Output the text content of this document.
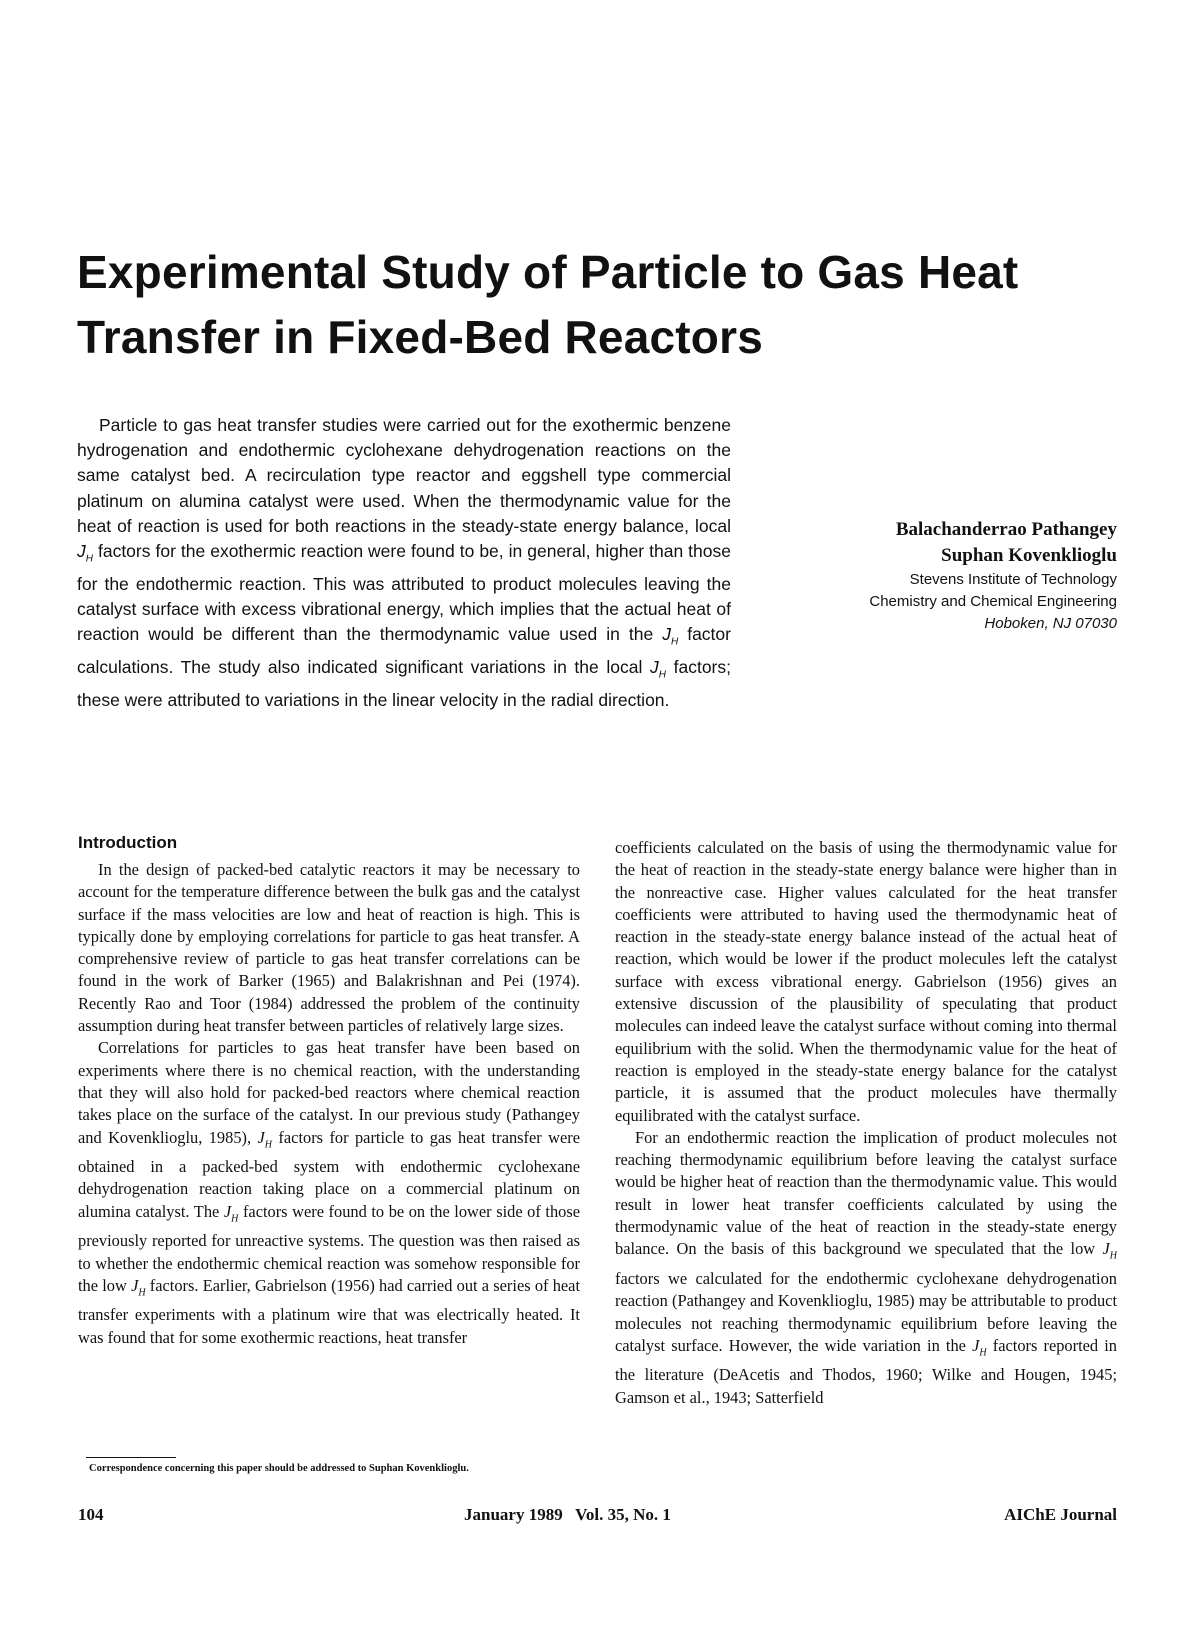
Experimental Study of Particle to Gas Heat
Transfer in Fixed-Bed Reactors

Particle to gas heat transfer studies were carried out for the exothermic benzene hydrogenation and endothermic cyclohexane dehydrogenation reactions on the same catalyst bed. A recirculation type reactor and eggshell type commercial platinum on alumina catalyst were used. When the thermodynamic value for the heat of reaction is used for both reactions in the steady-state energy balance, local $J_H$ factors for the exothermic reaction were found to be, in general, higher than those for the endothermic reaction. This was attributed to product molecules leaving the catalyst surface with excess vibrational energy, which implies that the actual heat of reaction would be different than the thermodynamic value used in the $J_H$ factor calculations. The study also indicated significant variations in the local $J_H$ factors; these were attributed to variations in the linear velocity in the radial direction.

Balachanderrao Pathangey
Suphan Kovenklioglu
Stevens Institute of Technology
Chemistry and Chemical Engineering
Hoboken, NJ 07030
Introduction

In the design of packed-bed catalytic reactors it may be necessary to account for the temperature difference between the bulk gas and the catalyst surface if the mass velocities are low and heat of reaction is high. This is typically done by employing correlations for particle to gas heat transfer. A comprehensive review of particle to gas heat transfer correlations can be found in the work of Barker (1965) and Balakrishnan and Pei (1974). Recently Rao and Toor (1984) addressed the problem of the continuity assumption during heat transfer between particles of relatively large sizes.

Correlations for particles to gas heat transfer have been based on experiments where there is no chemical reaction, with the understanding that they will also hold for packed-bed reactors where chemical reaction takes place on the surface of the catalyst. In our previous study (Pathangey and Kovenklioglu, 1985), $J_H$ factors for particle to gas heat transfer were obtained in a packed-bed system with endothermic cyclohexane dehydrogenation reaction taking place on a commercial platinum on alumina catalyst. The $J_H$ factors were found to be on the lower side of those previously reported for unreactive systems. The question was then raised as to whether the endothermic chemical reaction was somehow responsible for the low $J_H$ factors. Earlier, Gabrielson (1956) had carried out a series of heat transfer experiments with a platinum wire that was electrically heated. It was found that for some exothermic reactions, heat transfer

coefficients calculated on the basis of using the thermodynamic value for the heat of reaction in the steady-state energy balance were higher than in the nonreactive case. Higher values calculated for the heat transfer coefficients were attributed to having used the thermodynamic heat of reaction in the steady-state energy balance instead of the actual heat of reaction, which would be lower if the product molecules left the catalyst surface with excess vibrational energy. Gabrielson (1956) gives an extensive discussion of the plausibility of speculating that product molecules can indeed leave the catalyst surface without coming into thermal equilibrium with the solid. When the thermodynamic value for the heat of reaction is employed in the steady-state energy balance for the catalyst particle, it is assumed that the product molecules have thermally equilibrated with the catalyst surface.

For an endothermic reaction the implication of product molecules not reaching thermodynamic equilibrium before leaving the catalyst surface would be higher heat of reaction than the thermodynamic value. This would result in lower heat transfer coefficients calculated by using the thermodynamic value of the heat of reaction in the steady-state energy balance. On the basis of this background we speculated that the low $J_H$ factors we calculated for the endothermic cyclohexane dehydrogenation reaction (Pathangey and Kovenklioglu, 1985) may be attributable to product molecules not reaching thermodynamic equilibrium before leaving the catalyst surface. However, the wide variation in the $J_H$ factors reported in the literature (DeAcetis and Thodos, 1960; Wilke and Hougen, 1945; Gamson et al., 1943; Satterfield

Correspondence concerning this paper should be addressed to Suphan Kovenklioglu.
104	January 1989   Vol. 35, No. 1	AIChE Journal
